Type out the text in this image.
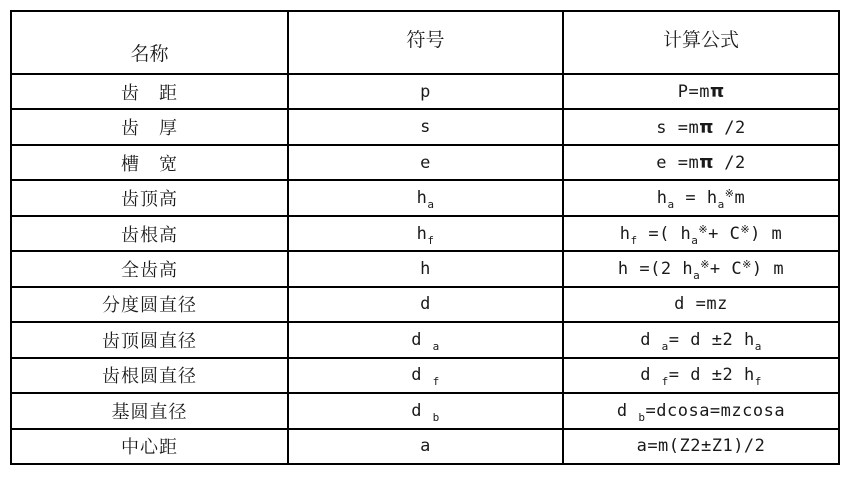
名称	符号	计算公式
齿　距	p	P=mπ
齿　厚	s	s =mπ /2
槽　宽	e	e =mπ /2
齿顶高	$h_a$	$h_a = h_a^※m$
齿根高	$h_f$	$h_f$ =( $h_a^※+ C^※$) m
全齿高	h	h =(2 $h_a^※+ C^※$) m
分度圆直径	d	d =mz
齿顶圆直径	d $_a$	d $_a$= d ±2 $h_a$
齿根圆直径	d $_f$	d $_f$= d ±2 $h_f$
基圆直径	d $_b$	d $_b$=dcosa=mzcosa
中心距	a	a=m(Z2±Z1)/2
